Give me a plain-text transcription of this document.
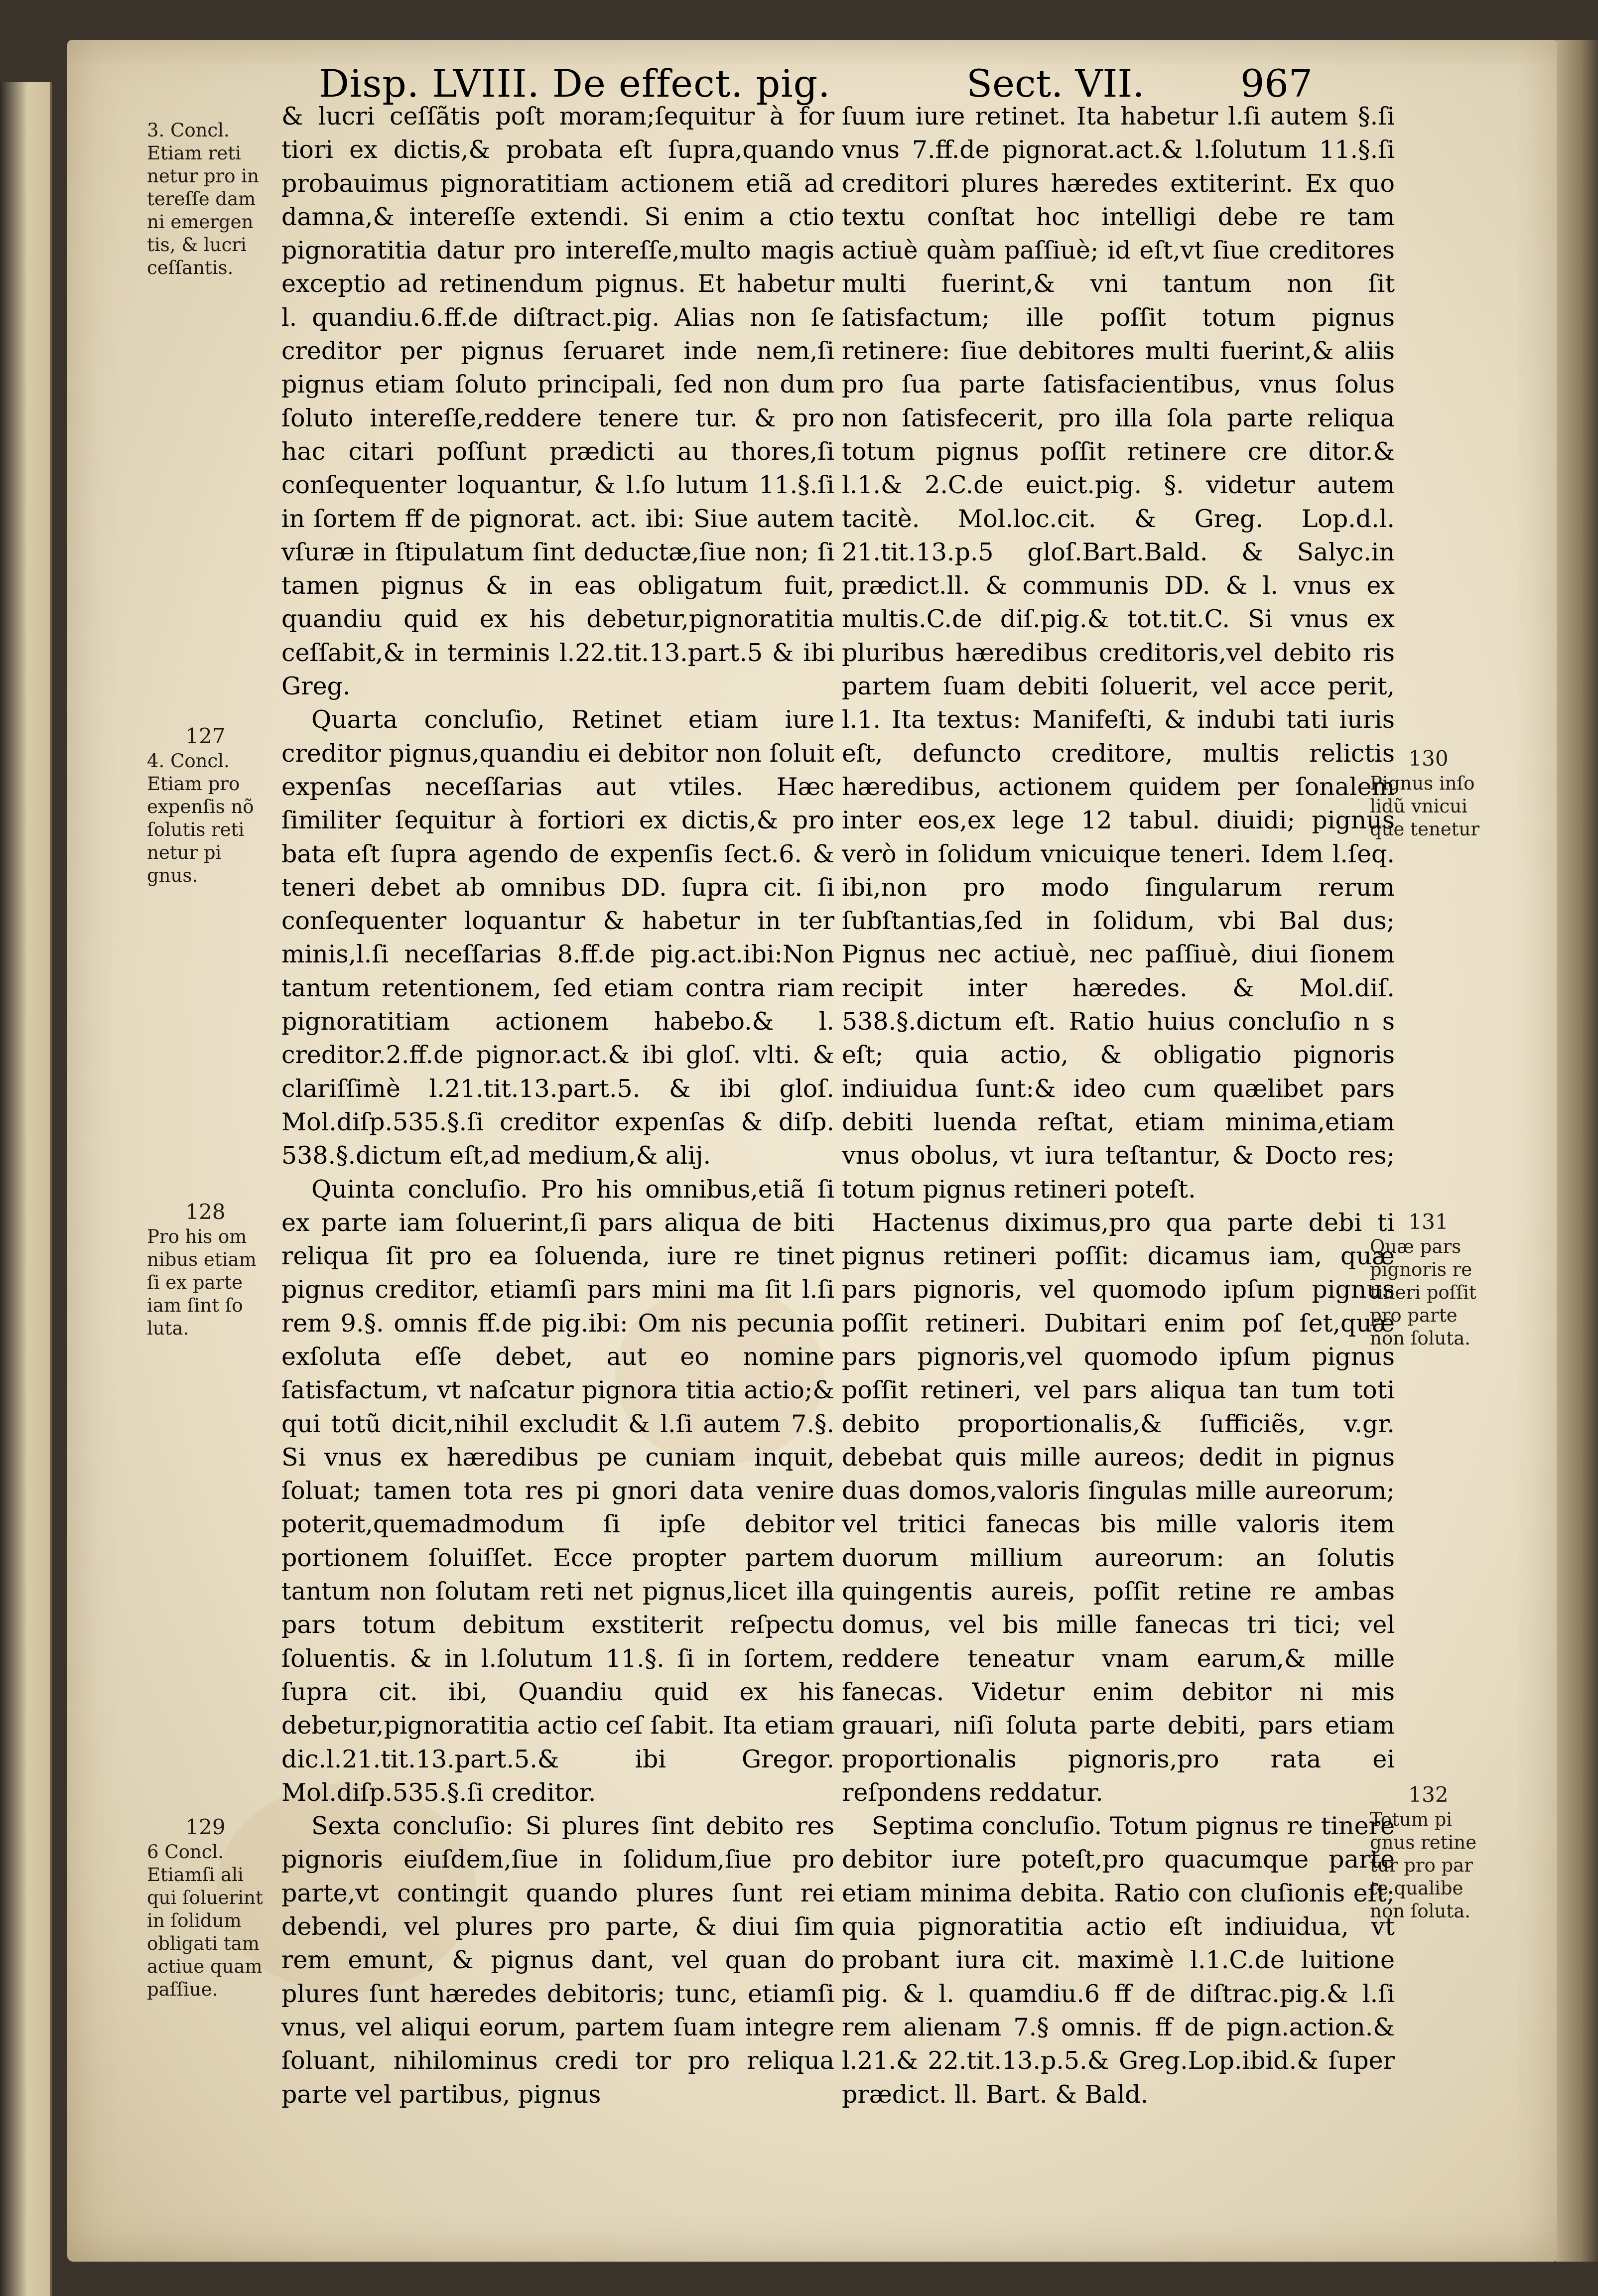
Disp. LVIII. De effect. pig.	Sect. VII.	967
3. Concl. Etiam reti netur pro in tereſſe dam ni emergen tis, & lucri ceſſantis.
127
4. Concl. Etiam pro expenſis nõ ſolutis reti netur pi gnus.
128
Pro his om nibus etiam ſi ex parte iam ſint ſo luta.
129
6 Concl. Etiamſi ali qui ſoluerint in ſolidum obligati tam actiue quam paſſiue.
130
Pignus inſo lidũ vnicui que tenetur
131
Quæ pars pignoris re tineri poſſit pro parte non ſoluta.
132
Totum pi gnus retine tur pro par te qualibe non ſoluta.

& lucri ceſſãtis poſt moram;ſequitur à for tiori ex dictis,& probata eſt ſupra,quando probauimus pignoratitiam actionem etiã ad damna,& intereſſe extendi. Si enim a ctio pignoratitia datur pro intereſſe,multo magis exceptio ad retinendum pignus. Et habetur l. quandiu.6.ff.de diſtract.pig. Alias non ſe creditor per pignus ſeruaret inde nem,ſi pignus etiam ſoluto principali, ſed non dum ſoluto intereſſe,reddere tenere tur. & pro hac citari poſſunt prædicti au thores,ſi conſequenter loquantur, & l.ſo lutum 11.§.ſi in ſortem ff de pignorat. act. ibi: Siue autem vſuræ in ſtipulatum ſint deductæ,ſiue non; ſi tamen pignus & in eas obligatum fuit, quandiu quid ex his debetur,pignoratitia ceſſabit,& in terminis l.22.tit.13.part.5 & ibi Greg.

Quarta concluſio, Retinet etiam iure creditor pignus,quandiu ei debitor non ſoluit expenſas neceſſarias aut vtiles. Hæc ſimiliter ſequitur à fortiori ex dictis,& pro bata eſt ſupra agendo de expenſis ſect.6. & teneri debet ab omnibus DD. ſupra cit. ſi conſequenter loquantur & habetur in ter minis,l.ſi neceſſarias 8.ff.de pig.act.ibi:Non tantum retentionem, ſed etiam contra riam pignoratitiam actionem habebo.& l. creditor.2.ff.de pignor.act.& ibi gloſ. vlti. & clariſſimè l.21.tit.13.part.5. & ibi gloſ. Mol.diſp.535.§.ſi creditor expenſas & diſp. 538.§.dictum eſt,ad medium,& alij.

Quinta concluſio. Pro his omnibus,etiã ſi ex parte iam ſoluerint,ſi pars aliqua de biti reliqua ſit pro ea ſoluenda, iure re tinet pignus creditor, etiamſi pars mini ma ſit l.ſi rem 9.§. omnis ff.de pig.ibi: Om nis pecunia exſoluta eſſe debet, aut eo nomine ſatisfactum, vt naſcatur pignora titia actio;& qui totũ dicit,nihil excludit & l.ſi autem 7.§. Si vnus ex hæredibus pe cuniam inquit, ſoluat; tamen tota res pi gnori data venire poterit,quemadmodum ſi ipſe debitor portionem ſoluiſſet. Ecce propter partem tantum non ſolutam reti net pignus,licet illa pars totum debitum exstiterit reſpectu ſoluentis. & in l.ſolutum 11.§. ſi in ſortem, ſupra cit. ibi, Quandiu quid ex his debetur,pignoratitia actio ceſ ſabit. Ita etiam dic.l.21.tit.13.part.5.& ibi Gregor. Mol.diſp.535.§.ſi creditor.

Sexta concluſio: Si plures ſint debito res pignoris eiuſdem,ſiue in ſolidum,ſiue pro parte,vt contingit quando plures ſunt rei debendi, vel plures pro parte, & diui ſim rem emunt, & pignus dant, vel quan do plures ſunt hæredes debitoris; tunc, etiamſi vnus, vel aliqui eorum, partem ſuam integre ſoluant, nihilominus credi tor pro reliqua parte vel partibus, pignus

ſuum iure retinet. Ita habetur l.ſi autem §.ſi vnus 7.ff.de pignorat.act.& l.ſolutum 11.§.ſi creditori plures hæredes extiterint. Ex quo textu conſtat hoc intelligi debe re tam actiuè quàm paſſiuè; id eſt,vt ſiue creditores multi fuerint,& vni tantum non ſit ſatisfactum; ille poſſit totum pignus retinere: ſiue debitores multi fuerint,& aliis pro ſua parte ſatisfacientibus, vnus ſolus non ſatisfecerit, pro illa ſola parte reliqua totum pignus poſſit retinere cre ditor.& l.1.& 2.C.de euict.pig. §. videtur autem tacitè. Mol.loc.cit. & Greg. Lop.d.l. 21.tit.13.p.5 gloſ.Bart.Bald. & Salyc.in prædict.ll. & communis DD. & l. vnus ex multis.C.de diſ.pig.& tot.tit.C. Si vnus ex pluribus hæredibus creditoris,vel debito ris partem ſuam debiti ſoluerit, vel acce perit, l.1. Ita textus: Manifeſti, & indubi tati iuris eſt, defuncto creditore, multis relictis hæredibus, actionem quidem per ſonalem inter eos,ex lege 12 tabul. diuidi; pignus verò in ſolidum vnicuique teneri. Idem l.ſeq. ibi,non pro modo ſingularum rerum ſubſtantias,ſed in ſolidum, vbi Bal dus; Pignus nec actiuè, nec paſſiuè, diui ſionem recipit inter hæredes. & Mol.diſ. 538.§.dictum eſt. Ratio huius concluſio n s eſt; quia actio, & obligatio pignoris indiuidua ſunt:& ideo cum quælibet pars debiti luenda reſtat, etiam minima,etiam vnus obolus, vt iura teſtantur, & Docto res; totum pignus retineri poteſt.

Hactenus diximus,pro qua parte debi ti pignus retineri poſſit: dicamus iam, quæ pars pignoris, vel quomodo ipſum pignus poſſit retineri. Dubitari enim poſ ſet,quæ pars pignoris,vel quomodo ipſum pignus poſſit retineri, vel pars aliqua tan tum toti debito proportionalis,& ſufficiẽs, v.gr. debebat quis mille aureos; dedit in pignus duas domos,valoris ſingulas mille aureorum; vel tritici fanecas bis mille valoris item duorum millium aureorum: an ſolutis quingentis aureis, poſſit retine re ambas domus, vel bis mille fanecas tri tici; vel reddere teneatur vnam earum,& mille fanecas. Videtur enim debitor ni mis grauari, niſi ſoluta parte debiti, pars etiam proportionalis pignoris,pro rata ei reſpondens reddatur.

Septima concluſio. Totum pignus re tinere debitor iure poteſt,pro quacumque parte etiam minima debita. Ratio con cluſionis eſt; quia pignoratitia actio eſt indiuidua, vt probant iura cit. maximè l.1.C.de luitione pig. & l. quamdiu.6 ff de diſtrac.pig.& l.ſi rem alienam 7.§ omnis. ff de pign.action.& l.21.& 22.tit.13.p.5.& Greg.Lop.ibid.& ſuper prædict. ll. Bart. & Bald.
